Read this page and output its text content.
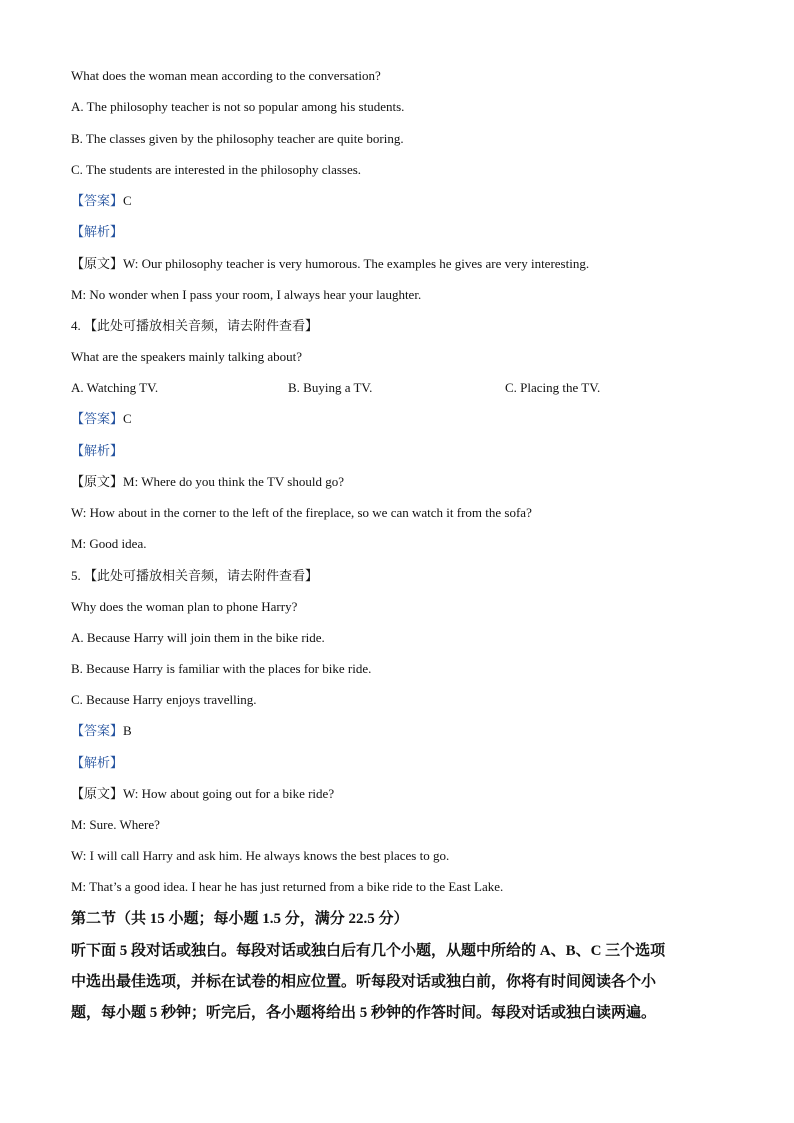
What does the woman mean according to the conversation?
A. The philosophy teacher is not so popular among his students.
B. The classes given by the philosophy teacher are quite boring.
C. The students are interested in the philosophy classes.
【答案】C
【解析】
【原文】W: Our philosophy teacher is very humorous. The examples he gives are very interesting.
M: No wonder when I pass your room, I always hear your laughter.
4. 【此处可播放相关音频，请去附件查看】
What are the speakers mainly talking about?
A. Watching TV.	B. Buying a TV.	C. Placing the TV.
【答案】C
【解析】
【原文】M: Where do you think the TV should go?
W: How about in the corner to the left of the fireplace, so we can watch it from the sofa?
M: Good idea.
5. 【此处可播放相关音频，请去附件查看】
Why does the woman plan to phone Harry?
A. Because Harry will join them in the bike ride.
B. Because Harry is familiar with the places for bike ride.
C. Because Harry enjoys travelling.
【答案】B
【解析】
【原文】W: How about going out for a bike ride?
M: Sure. Where?
W: I will call Harry and ask him. He always knows the best places to go.
M: That’s a good idea. I hear he has just returned from a bike ride to the East Lake.
第二节（共 15 小题；每小题 1.5 分，满分 22.5 分）
听下面 5 段对话或独白。每段对话或独白后有几个小题，从题中所给的 A、B、C 三个选项
中选出最佳选项，并标在试卷的相应位置。听每段对话或独白前，你将有时间阅读各个小
题，每小题 5 秒钟；听完后，各小题将给出 5 秒钟的作答时间。每段对话或独白读两遍。
